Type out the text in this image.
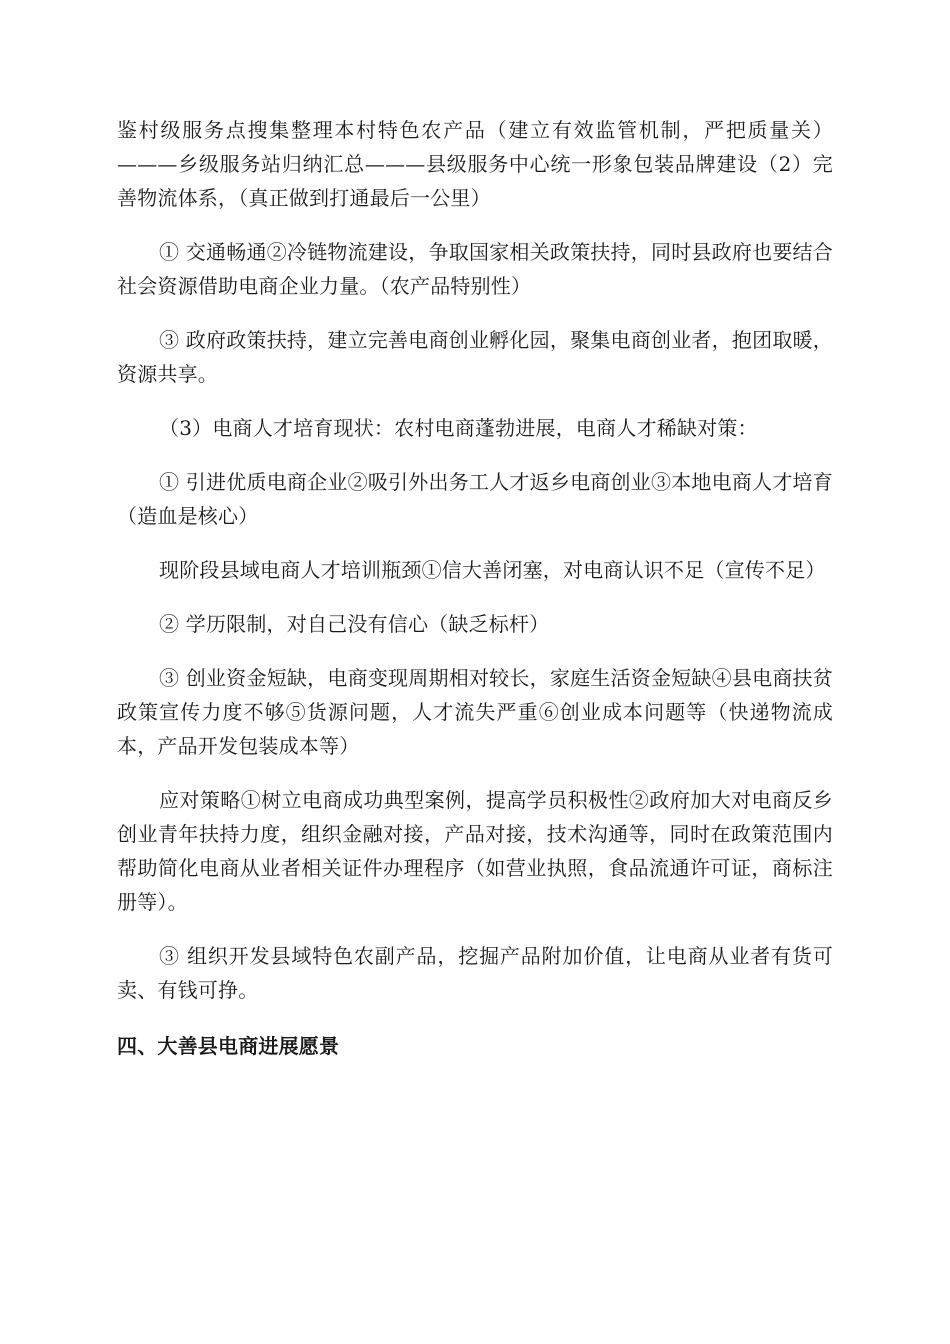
鉴村级服务点搜集整理本村特色农产品（建立有效监管机制，严把质量关）———乡级服务站归纳汇总———县级服务中心统一形象包装品牌建设（2）完善物流体系，（真正做到打通最后一公里）

① 交通畅通②冷链物流建设，争取国家相关政策扶持，同时县政府也要结合社会资源借助电商企业力量。（农产品特别性）

③ 政府政策扶持，建立完善电商创业孵化园，聚集电商创业者，抱团取暖，资源共享。

（3）电商人才培育现状：农村电商蓬勃进展，电商人才稀缺对策：

① 引进优质电商企业②吸引外出务工人才返乡电商创业③本地电商人才培育（造血是核心）

现阶段县域电商人才培训瓶颈①信大善闭塞，对电商认识不足（宣传不足）

② 学历限制，对自己没有信心（缺乏标杆）

③ 创业资金短缺，电商变现周期相对较长，家庭生活资金短缺④县电商扶贫政策宣传力度不够⑤货源问题，人才流失严重⑥创业成本问题等（快递物流成本，产品开发包装成本等）

应对策略①树立电商成功典型案例，提高学员积极性②政府加大对电商反乡创业青年扶持力度，组织金融对接，产品对接，技术沟通等，同时在政策范围内帮助简化电商从业者相关证件办理程序（如营业执照，食品流通许可证，商标注册等）。

③ 组织开发县域特色农副产品，挖掘产品附加价值，让电商从业者有货可卖、有钱可挣。

四、大善县电商进展愿景
